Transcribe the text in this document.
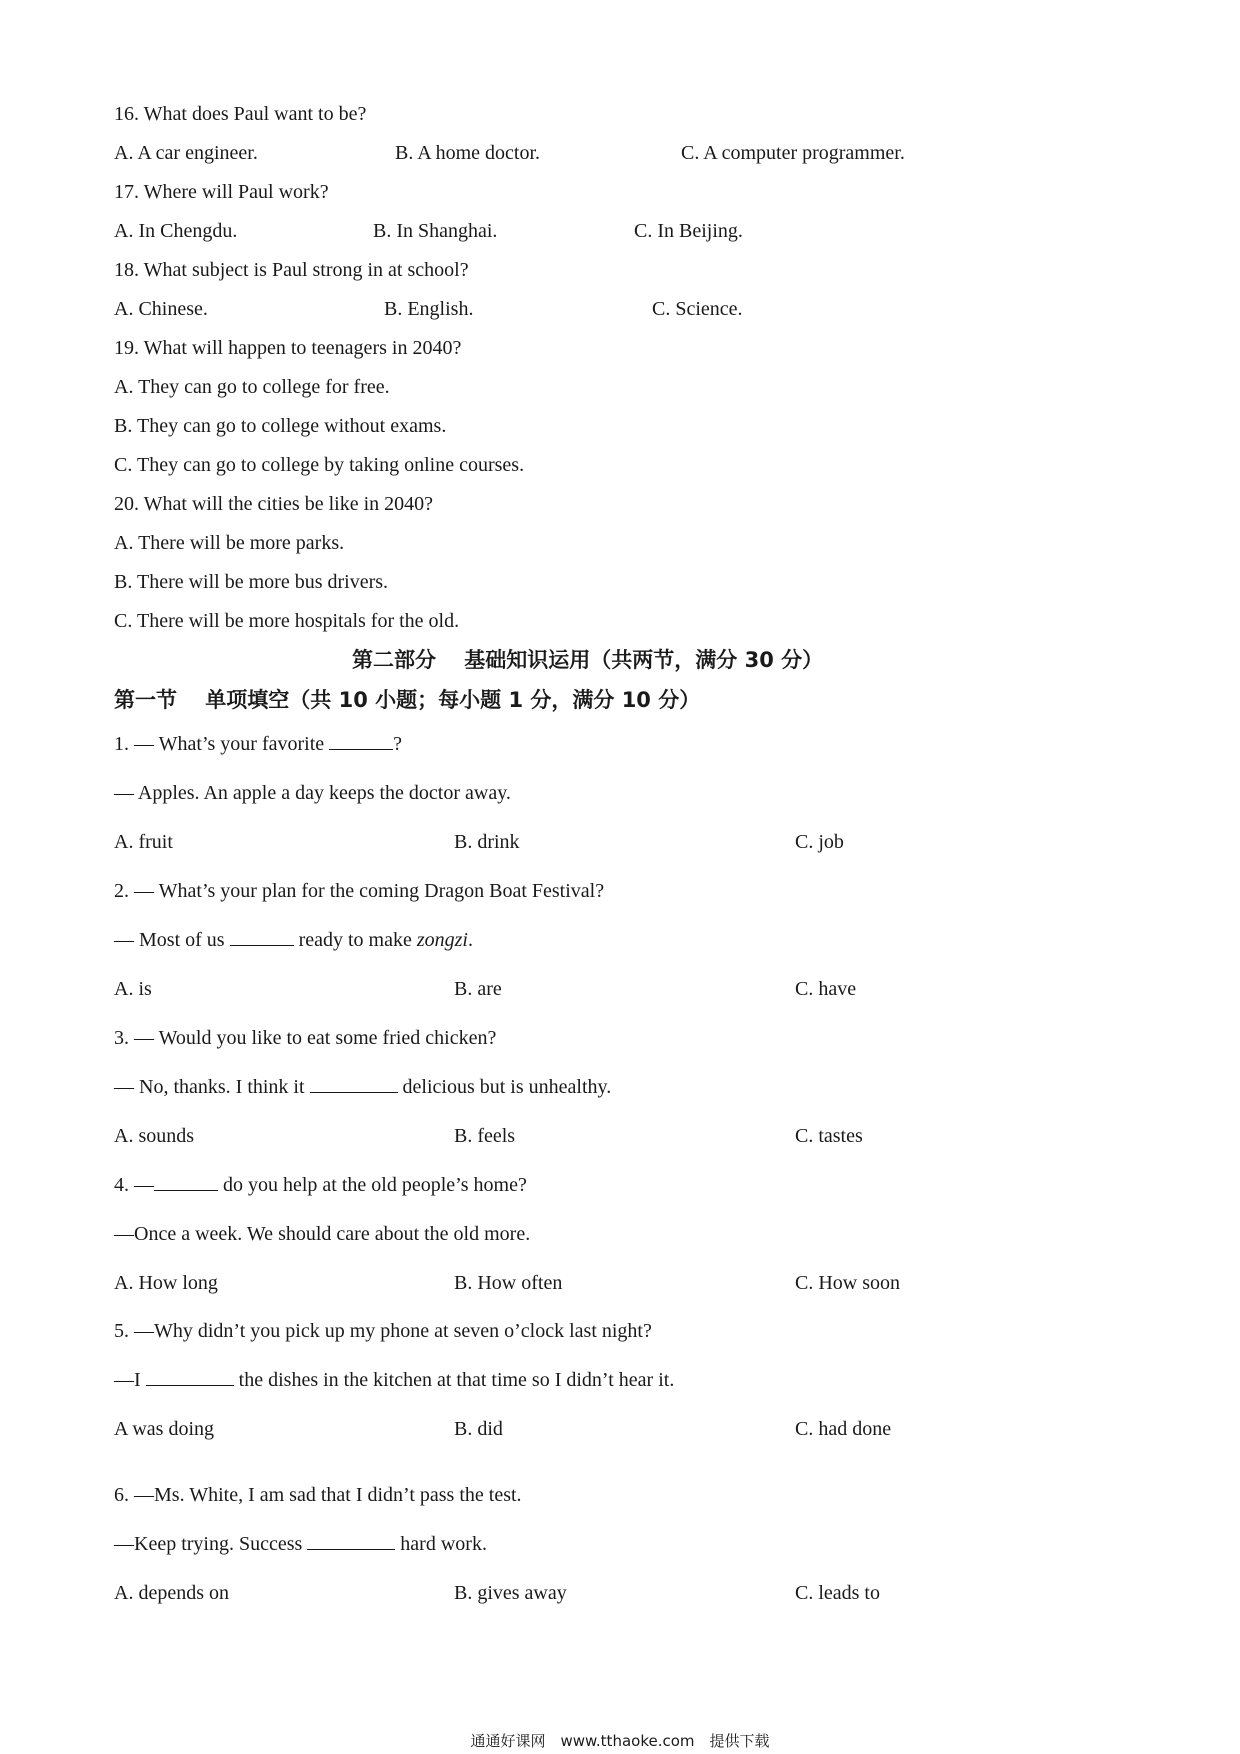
16. What does Paul want to be?
A. A car engineer.	B. A home doctor.	C. A computer programmer.
17. Where will Paul work?
A. In Chengdu.	B. In Shanghai.	C. In Beijing.
18. What subject is Paul strong in at school?
A. Chinese.	B. English.	C. Science.
19. What will happen to teenagers in 2040?
A. They can go to college for free.
B. They can go to college without exams.
C. They can go to college by taking online courses.
20. What will the cities be like in 2040?
A. There will be more parks.
B. There will be more bus drivers.
C. There will be more hospitals for the old.
第二部分　 基础知识运用（共两节，满分 30 分）
第一节　 单项填空（共 10 小题；每小题 1 分，满分 10 分）
1. — What’s your favorite	?
— Apples. An apple a day keeps the doctor away.
A. fruit	B. drink	C. job
2. — What’s your plan for the coming Dragon Boat Festival?
— Most of us	ready to make zongzi.
A. is	B. are	C. have
3. — Would you like to eat some fried chicken?
— No, thanks. I think it	delicious but is unhealthy.
A. sounds	B. feels	C. tastes
4. —	do you help at the old people’s home?
—Once a week. We should care about the old more.
A. How long	B. How often	C. How soon
5. —Why didn’t you pick up my phone at seven o’clock last night?
—I	the dishes in the kitchen at that time so I didn’t hear it.
A was doing	B. did	C. had done
6. —Ms. White, I am sad that I didn’t pass the test.
—Keep trying. Success	hard work.
A. depends on	B. gives away	C. leads to
通通好课网　www.tthaoke.com　提供下载
